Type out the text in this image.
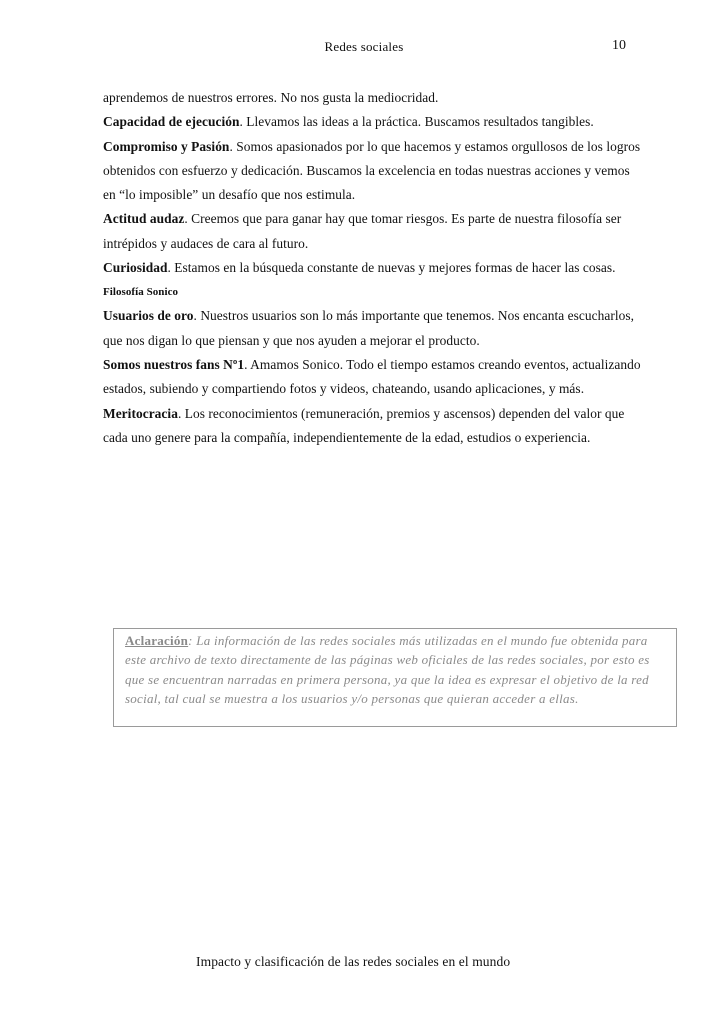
Redes sociales	10

aprendemos de nuestros errores. No nos gusta la mediocridad.

Capacidad de ejecución. Llevamos las ideas a la práctica. Buscamos resultados tangibles.

Compromiso y Pasión. Somos apasionados por lo que hacemos y estamos orgullosos de los logros obtenidos con esfuerzo y dedicación. Buscamos la excelencia en todas nuestras acciones y vemos en “lo imposible” un desafío que nos estimula.

Actitud audaz. Creemos que para ganar hay que tomar riesgos. Es parte de nuestra filosofía ser intrépidos y audaces de cara al futuro.

Curiosidad. Estamos en la búsqueda constante de nuevas y mejores formas de hacer las cosas.

Filosofía Sonico

Usuarios de oro. Nuestros usuarios son lo más importante que tenemos. Nos encanta escucharlos, que nos digan lo que piensan y que nos ayuden a mejorar el producto.

Somos nuestros fans Nº1. Amamos Sonico. Todo el tiempo estamos creando eventos, actualizando estados, subiendo y compartiendo fotos y videos, chateando, usando aplicaciones, y más.

Meritocracia. Los reconocimientos (remuneración, premios y ascensos) dependen del valor que cada uno genere para la compañía, independientemente de la edad, estudios o experiencia.

Aclaración: La información de las redes sociales más utilizadas en el mundo fue obtenida para este archivo de texto directamente de las páginas web oficiales de las redes sociales, por esto es que se encuentran narradas en primera persona, ya que la idea es expresar el objetivo de la red social, tal cual se muestra a los usuarios y/o personas que quieran acceder a ellas.
Impacto y clasificación de las redes sociales en el mundo
